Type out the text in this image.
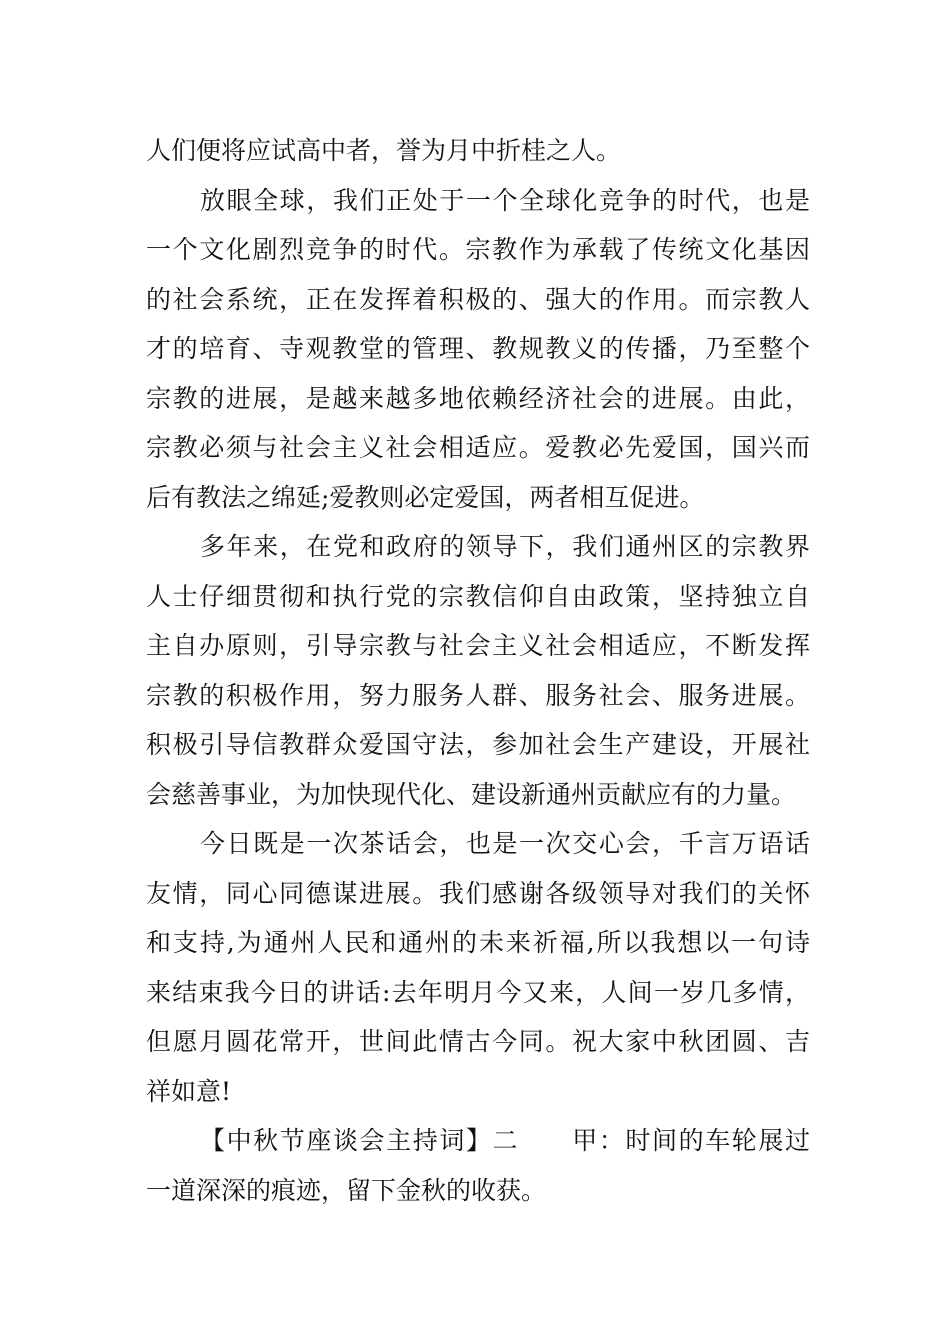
人们便将应试高中者，誉为月中折桂之人。
放眼全球，我们正处于一个全球化竞争的时代，也是
一个文化剧烈竞争的时代。宗教作为承载了传统文化基因
的社会系统，正在发挥着积极的、强大的作用。而宗教人
才的培育、寺观教堂的管理、教规教义的传播，乃至整个
宗教的进展，是越来越多地依赖经济社会的进展。由此，
宗教必须与社会主义社会相适应。爱教必先爱国，国兴而
后有教法之绵延;爱教则必定爱国，两者相互促进。
多年来，在党和政府的领导下，我们通州区的宗教界
人士仔细贯彻和执行党的宗教信仰自由政策，坚持独立自
主自办原则，引导宗教与社会主义社会相适应，不断发挥
宗教的积极作用，努力服务人群、服务社会、服务进展。
积极引导信教群众爱国守法，参加社会生产建设，开展社
会慈善事业，为加快现代化、建设新通州贡献应有的力量。
今日既是一次茶话会，也是一次交心会，千言万语话
友情，同心同德谋进展。我们感谢各级领导对我们的关怀
和支持,为通州人民和通州的未来祈福,所以我想以一句诗
来结束我今日的讲话:去年明月今又来，人间一岁几多情，
但愿月圆花常开，世间此情古今同。祝大家中秋团圆、吉
祥如意!
【中秋节座谈会主持词】二　　甲：时间的车轮展过
一道深深的痕迹，留下金秋的收获。
